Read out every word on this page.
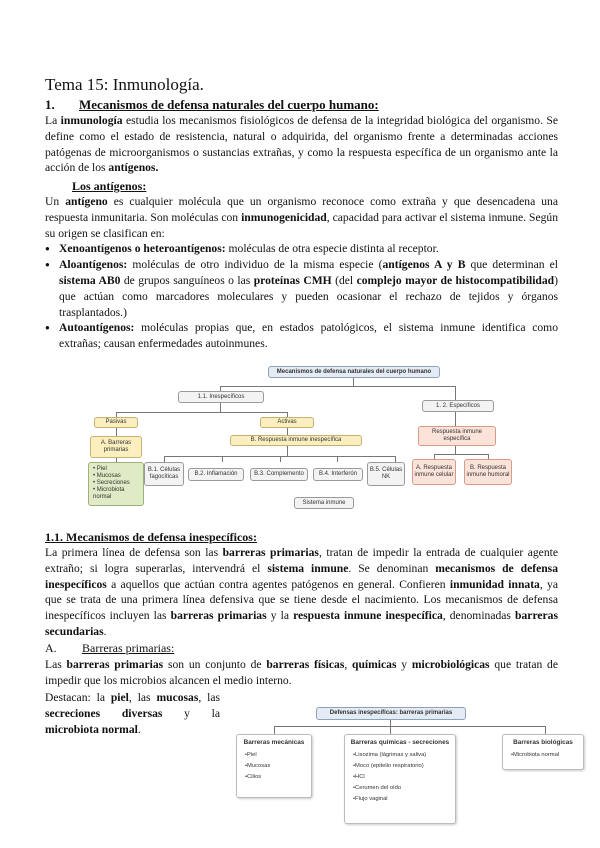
Tema 15: Inmunología.
1. Mecanismos de defensa naturales del cuerpo humano:

La inmunología estudia los mecanismos fisiológicos de defensa de la integridad biológica del organismo. Se define como el estado de resistencia, natural o adquirida, del organismo frente a determinadas acciones patógenas de microorganismos o sustancias extrañas, y como la respuesta específica de un organismo ante la acción de los antígenos.

Los antígenos:

Un antígeno es cualquier molécula que un organismo reconoce como extraña y que desencadena una respuesta inmunitaria. Son moléculas con inmunogenicidad, capacidad para activar el sistema inmune. Según su origen se clasifican en:

● Xenoantígenos o heteroantígenos: moléculas de otra especie distinta al receptor.
● Aloantígenos: moléculas de otro individuo de la misma especie (antígenos A y B que determinan el sistema AB0 de grupos sanguíneos o las proteínas CMH (del complejo mayor de histocompatibilidad) que actúan como marcadores moleculares y pueden ocasionar el rechazo de tejidos y órganos trasplantados.)
● Autoantígenos: moléculas propias que, en estados patológicos, el sistema inmune identifica como extrañas; causan enfermedades autoinmunes.
Mecanismos de defensa naturales del cuerpo humano
1.1. Inespecíficos
1. 2. Específicos
Pasivas	Activas
A. Barreras primarias
• Piel
• Mucosas
• Secreciones
• Microbiota normal
B. Respuesta inmune inespecífica
B.1. Células fagocíticas	B.2. Inflamación	B.3. Complemento	B.4. Interferón
B.5. Células NK
Sistema inmune
Respuesta inmune específica
A. Respuesta inmune celular
B. Respuesta inmune humoral
1.1. Mecanismos de defensa inespecíficos:

La primera línea de defensa son las barreras primarias, tratan de impedir la entrada de cualquier agente extraño; si logra superarlas, intervendrá el sistema inmune. Se denominan mecanismos de defensa inespecíficos a aquellos que actúan contra agentes patógenos en general. Confieren inmunidad innata, ya que se trata de una primera línea defensiva que se tiene desde el nacimiento. Los mecanismos de defensa inespecíficos incluyen las barreras primarias y la respuesta inmune inespecífica, denominadas barreras secundarias.

A. Barreras primarias:

Las barreras primarias son un conjunto de barreras físicas, químicas y microbiológicas que tratan de impedir que los microbios alcancen el medio interno.

Destacan: la piel, las mucosas, las secreciones diversas y la microbiota normal.
Defensas inespecíficas: barreras primarias
Barreras mecánicas
• Piel
• Mucosas
• Cilios
Barreras químicas - secreciones
• Lisozima (lágrimas y saliva)
• Moco (epitelio respiratorio)
• HCl
• Cerumen del oído
• Flujo vaginal
Barreras biológicas
• Microbiota normal
